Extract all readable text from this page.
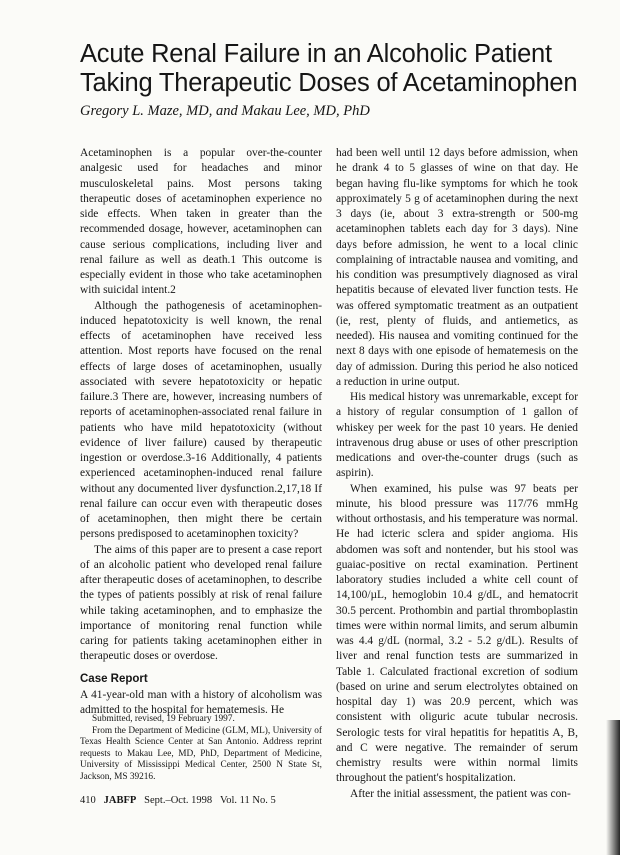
Acute Renal Failure in an Alcoholic Patient
Taking Therapeutic Doses of Acetaminophen

Gregory L. Maze, MD, and Makau Lee, MD, PhD

Acetaminophen is a popular over-the-counter analgesic used for headaches and minor musculoskeletal pains. Most persons taking therapeutic doses of acetaminophen experience no side effects. When taken in greater than the recommended dosage, however, acetaminophen can cause serious complications, including liver and renal failure as well as death.1 This outcome is especially evident in those who take acetaminophen with suicidal intent.2

Although the pathogenesis of acetaminophen-induced hepatotoxicity is well known, the renal effects of acetaminophen have received less attention. Most reports have focused on the renal effects of large doses of acetaminophen, usually associated with severe hepatotoxicity or hepatic failure.3 There are, however, increasing numbers of reports of acetaminophen-associated renal failure in patients who have mild hepatotoxicity (without evidence of liver failure) caused by therapeutic ingestion or overdose.3-16 Additionally, 4 patients experienced acetaminophen-induced renal failure without any documented liver dysfunction.2,17,18 If renal failure can occur even with therapeutic doses of acetaminophen, then might there be certain persons predisposed to acetaminophen toxicity?

The aims of this paper are to present a case report of an alcoholic patient who developed renal failure after therapeutic doses of acetaminophen, to describe the types of patients possibly at risk of renal failure while taking acetaminophen, and to emphasize the importance of monitoring renal function while caring for patients taking acetaminophen either in therapeutic doses or overdose.

Case Report

A 41-year-old man with a history of alcoholism was admitted to the hospital for hematemesis. He

had been well until 12 days before admission, when he drank 4 to 5 glasses of wine on that day. He began having flu-like symptoms for which he took approximately 5 g of acetaminophen during the next 3 days (ie, about 3 extra-strength or 500-mg acetaminophen tablets each day for 3 days). Nine days before admission, he went to a local clinic complaining of intractable nausea and vomiting, and his condition was presumptively diagnosed as viral hepatitis because of elevated liver function tests. He was offered symptomatic treatment as an outpatient (ie, rest, plenty of fluids, and antiemetics, as needed). His nausea and vomiting continued for the next 8 days with one episode of hematemesis on the day of admission. During this period he also noticed a reduction in urine output.

His medical history was unremarkable, except for a history of regular consumption of 1 gallon of whiskey per week for the past 10 years. He denied intravenous drug abuse or uses of other prescription medications and over-the-counter drugs (such as aspirin).

When examined, his pulse was 97 beats per minute, his blood pressure was 117/76 mmHg without orthostasis, and his temperature was normal. He had icteric sclera and spider angioma. His abdomen was soft and nontender, but his stool was guaiac-positive on rectal examination. Pertinent laboratory studies included a white cell count of 14,100/µL, hemoglobin 10.4 g/dL, and hematocrit 30.5 percent. Prothombin and partial thromboplastin times were within normal limits, and serum albumin was 4.4 g/dL (normal, 3.2 - 5.2 g/dL). Results of liver and renal function tests are summarized in Table 1. Calculated fractional excretion of sodium (based on urine and serum electrolytes obtained on hospital day 1) was 20.9 percent, which was consistent with oliguric acute tubular necrosis. Serologic tests for viral hepatitis for hepatitis A, B, and C were negative. The remainder of serum chemistry results were within normal limits throughout the patient's hospitalization.

After the initial assessment, the patient was con-

Submitted, revised, 19 February 1997.

From the Department of Medicine (GLM, ML), University of Texas Health Science Center at San Antonio. Address reprint requests to Makau Lee, MD, PhD, Department of Medicine, University of Mississippi Medical Center, 2500 N State St, Jackson, MS 39216.

410 JABFP Sept.–Oct. 1998 Vol. 11 No. 5
